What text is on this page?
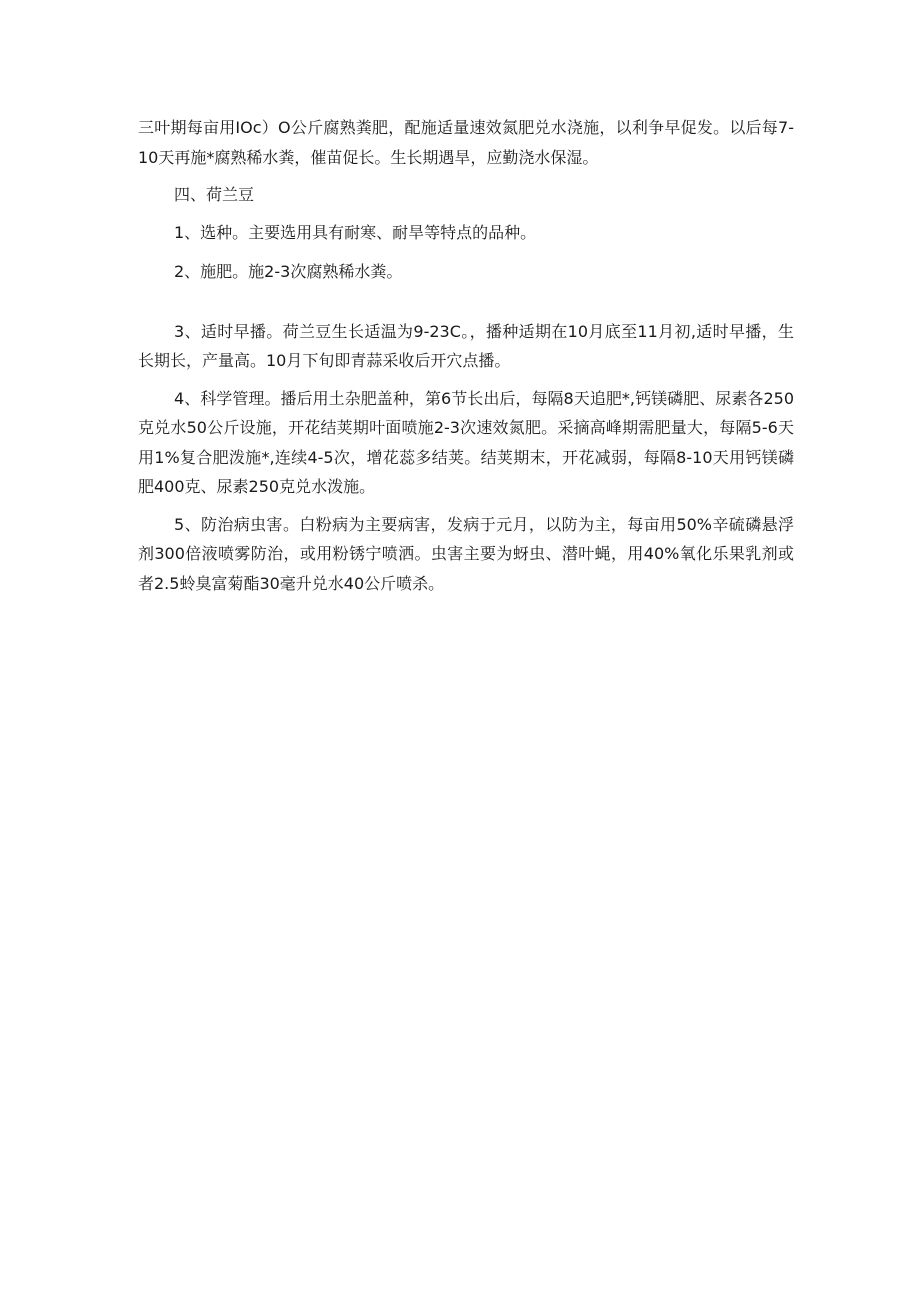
三叶期每亩用IOc）O公斤腐熟粪肥，配施适量速效氮肥兑水浇施，以利争早促发。以后每7-10天再施*腐熟稀水粪，催苗促长。生长期遇旱，应勤浇水保湿。

四、荷兰豆

1、选种。主要选用具有耐寒、耐旱等特点的品种。

2、施肥。施2-3次腐熟稀水粪。

3、适时早播。荷兰豆生长适温为9-23C。，播种适期在10月底至11月初,适时早播，生长期长，产量高。10月下旬即青蒜采收后开穴点播。

4、科学管理。播后用土杂肥盖种，第6节长出后，每隔8天追肥*,钙镁磷肥、尿素各250克兑水50公斤设施，开花结荚期叶面喷施2-3次速效氮肥。采摘高峰期需肥量大，每隔5-6天用1%复合肥泼施*,连续4-5次，增花蕊多结荚。结荚期末，开花减弱，每隔8-10天用钙镁磷肥400克、尿素250克兑水泼施。

5、防治病虫害。白粉病为主要病害，发病于元月，以防为主，每亩用50%辛硫磷悬浮剂300倍液喷雾防治，或用粉锈宁喷洒。虫害主要为蚜虫、潜叶蝇，用40%氧化乐果乳剂或者2.5蛉臭富菊酯30毫升兑水40公斤喷杀。
